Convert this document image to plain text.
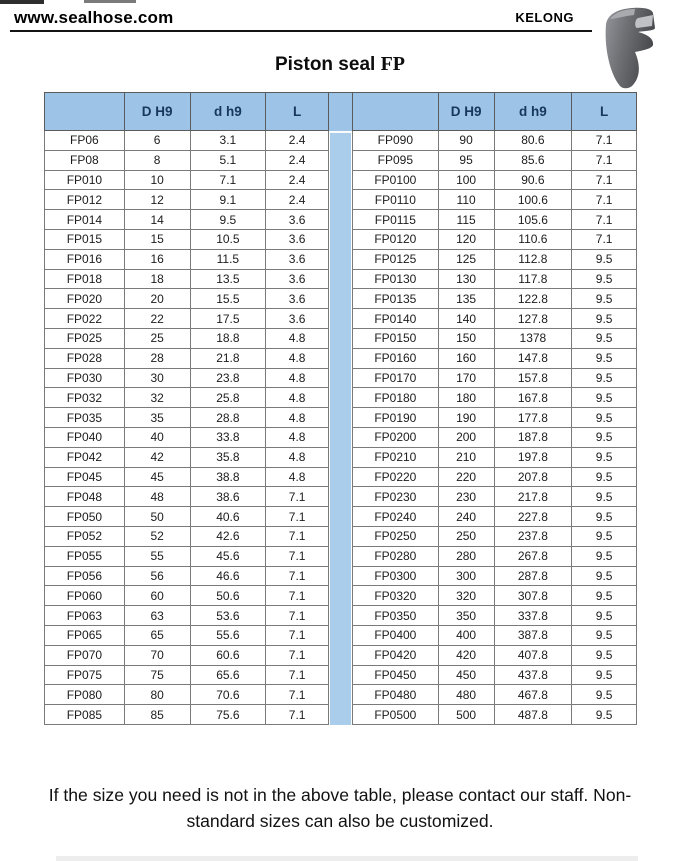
www.sealhose.com	KELONG
Piston seal FP
	D H9	d h9	L
FP06	6	3.1	2.4
FP08	8	5.1	2.4
FP010	10	7.1	2.4
FP012	12	9.1	2.4
FP014	14	9.5	3.6
FP015	15	10.5	3.6
FP016	16	11.5	3.6
FP018	18	13.5	3.6
FP020	20	15.5	3.6
FP022	22	17.5	3.6
FP025	25	18.8	4.8
FP028	28	21.8	4.8
FP030	30	23.8	4.8
FP032	32	25.8	4.8
FP035	35	28.8	4.8
FP040	40	33.8	4.8
FP042	42	35.8	4.8
FP045	45	38.8	4.8
FP048	48	38.6	7.1
FP050	50	40.6	7.1
FP052	52	42.6	7.1
FP055	55	45.6	7.1
FP056	56	46.6	7.1
FP060	60	50.6	7.1
FP063	63	53.6	7.1
FP065	65	55.6	7.1
FP070	70	60.6	7.1
FP075	75	65.6	7.1
FP080	80	70.6	7.1
FP085	85	75.6	7.1
	D H9	d h9	L
FP090	90	80.6	7.1
FP095	95	85.6	7.1
FP0100	100	90.6	7.1
FP0110	110	100.6	7.1
FP0115	115	105.6	7.1
FP0120	120	110.6	7.1
FP0125	125	112.8	9.5
FP0130	130	117.8	9.5
FP0135	135	122.8	9.5
FP0140	140	127.8	9.5
FP0150	150	1378	9.5
FP0160	160	147.8	9.5
FP0170	170	157.8	9.5
FP0180	180	167.8	9.5
FP0190	190	177.8	9.5
FP0200	200	187.8	9.5
FP0210	210	197.8	9.5
FP0220	220	207.8	9.5
FP0230	230	217.8	9.5
FP0240	240	227.8	9.5
FP0250	250	237.8	9.5
FP0280	280	267.8	9.5
FP0300	300	287.8	9.5
FP0320	320	307.8	9.5
FP0350	350	337.8	9.5
FP0400	400	387.8	9.5
FP0420	420	407.8	9.5
FP0450	450	437.8	9.5
FP0480	480	467.8	9.5
FP0500	500	487.8	9.5

If the size you need is not in the above table, please contact our staff. Non-standard sizes can also be customized.
